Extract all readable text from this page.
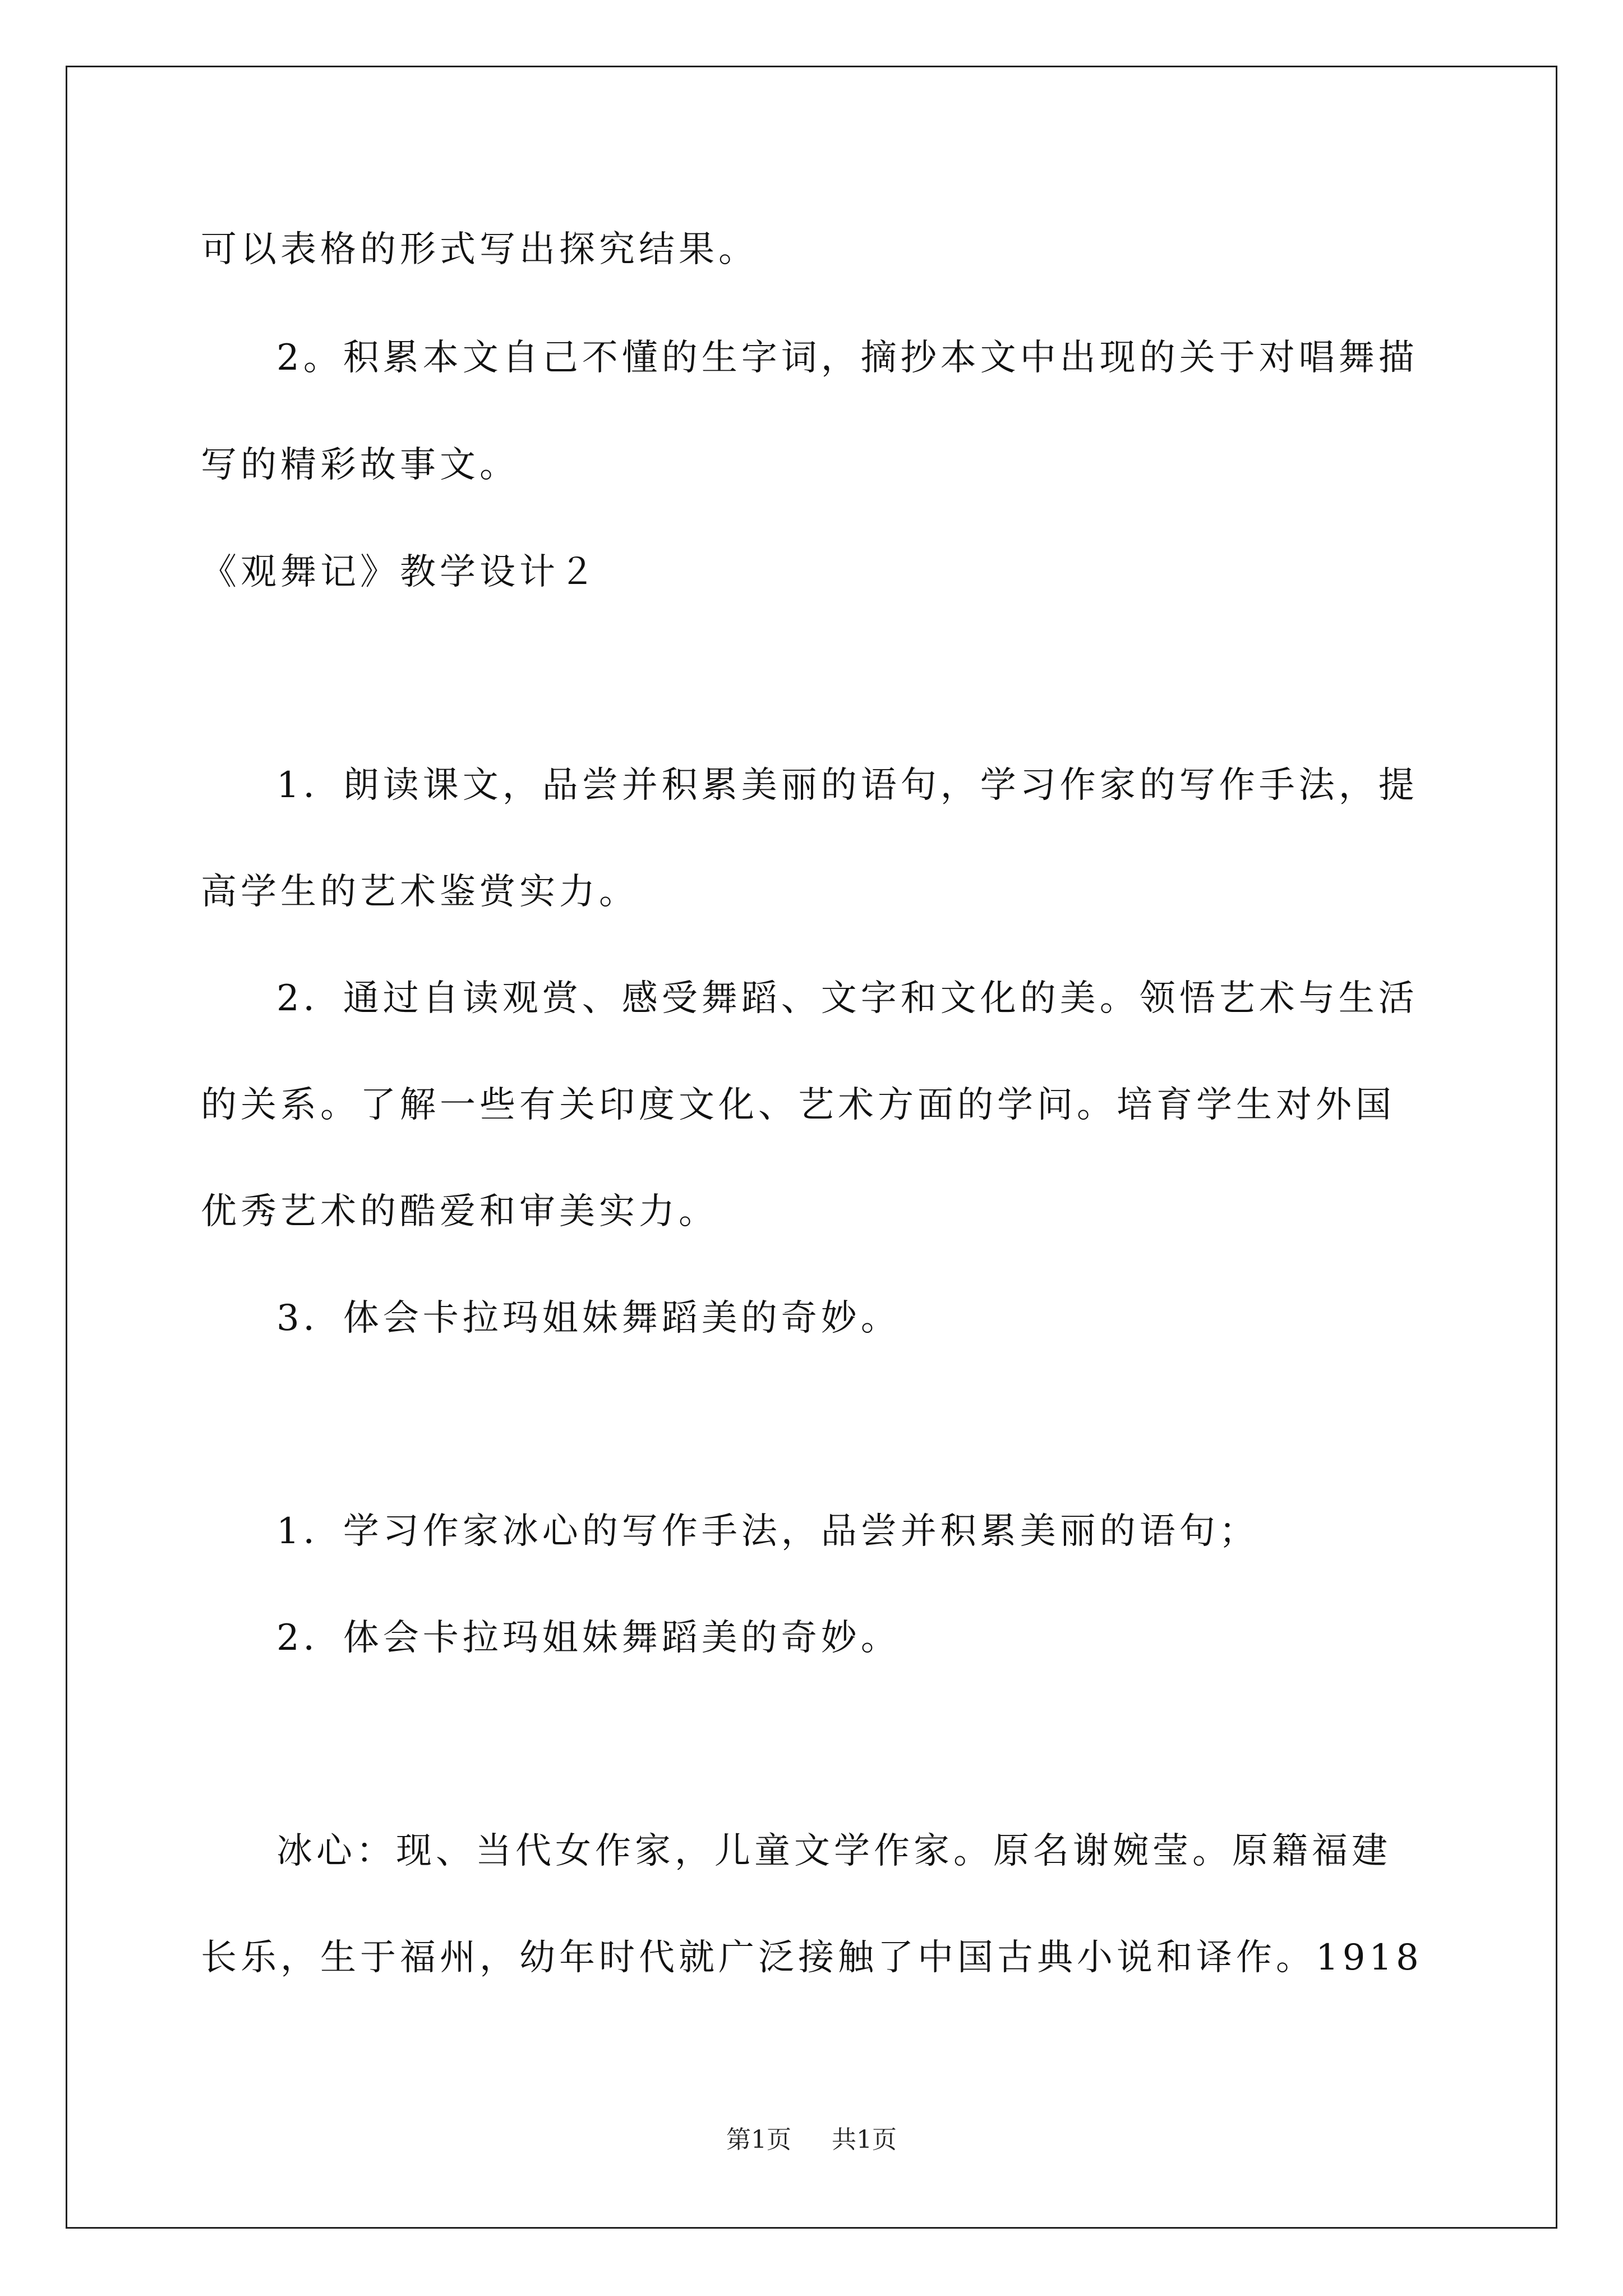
可以表格的形式写出探究结果。

2。积累本文自己不懂的生字词，摘抄本文中出现的关于对唱舞描

写的精彩故事文。

《观舞记》教学设计２

1．朗读课文，品尝并积累美丽的语句，学习作家的写作手法，提

高学生的艺术鉴赏实力。

2．通过自读观赏、感受舞蹈、文字和文化的美。领悟艺术与生活

的关系。了解一些有关印度文化、艺术方面的学问。培育学生对外国

优秀艺术的酷爱和审美实力。

3．体会卡拉玛姐妹舞蹈美的奇妙。

1．学习作家冰心的写作手法，品尝并积累美丽的语句；

2．体会卡拉玛姐妹舞蹈美的奇妙。

冰心：现、当代女作家，儿童文学作家。原名谢婉莹。原籍福建

长乐，生于福州，幼年时代就广泛接触了中国古典小说和译作。1918

第1页 　 共1页
